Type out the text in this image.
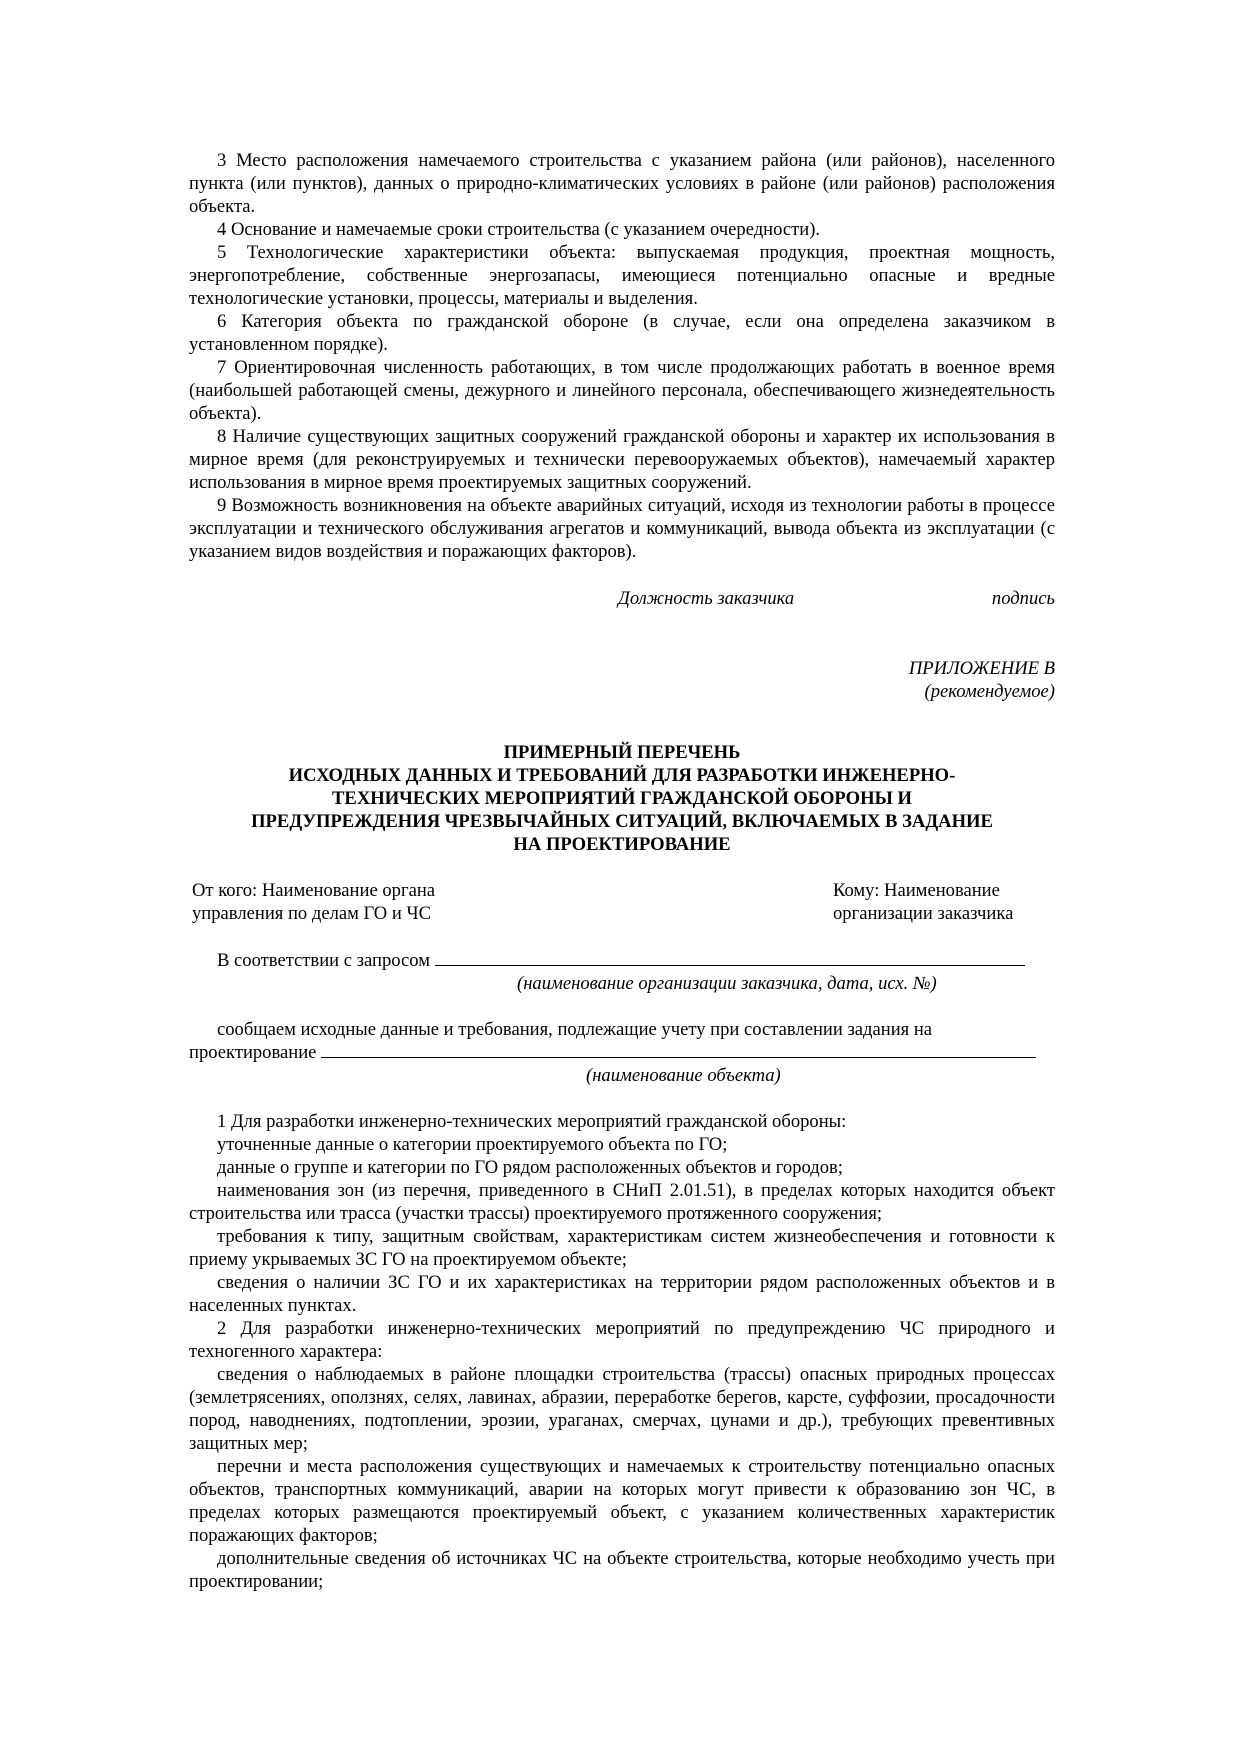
3 Место расположения намечаемого строительства с указанием района (или районов), населенного пункта (или пунктов), данных о природно-климатических условиях в районе (или районов) расположения объекта.

4 Основание и намечаемые сроки строительства (с указанием очередности).

5 Технологические характеристики объекта: выпускаемая продукция, проектная мощность, энергопотребление, собственные энергозапасы, имеющиеся потенциально опасные и вредные технологические установки, процессы, материалы и выделения.

6 Категория объекта по гражданской обороне (в случае, если она определена заказчиком в установленном порядке).

7 Ориентировочная численность работающих, в том числе продолжающих работать в военное время (наибольшей работающей смены, дежурного и линейного персонала, обеспечивающего жизнедеятельность объекта).

8 Наличие существующих защитных сооружений гражданской обороны и характер их использования в мирное время (для реконструируемых и технически перевооружаемых объектов), намечаемый характер использования в мирное время проектируемых защитных сооружений.

9 Возможность возникновения на объекте аварийных ситуаций, исходя из технологии работы в процессе эксплуатации и технического обслуживания агрегатов и коммуникаций, вывода объекта из эксплуатации (с указанием видов воздействия и поражающих факторов).

Должность заказчика	подпись
ПРИЛОЖЕНИЕ В
(рекомендуемое)
ПРИМЕРНЫЙ ПЕРЕЧЕНЬ
ИСХОДНЫХ ДАННЫХ И ТРЕБОВАНИЙ ДЛЯ РАЗРАБОТКИ ИНЖЕНЕРНО-
ТЕХНИЧЕСКИХ МЕРОПРИЯТИЙ ГРАЖДАНСКОЙ ОБОРОНЫ И
ПРЕДУПРЕЖДЕНИЯ ЧРЕЗВЫЧАЙНЫХ СИТУАЦИЙ, ВКЛЮЧАЕМЫХ В ЗАДАНИЕ
НА ПРОЕКТИРОВАНИЕ
От кого: Наименование органа
управления по делам ГО и ЧС
Кому: Наименование
организации заказчика

В соответствии с запросом

(наименование организации заказчика, дата, исх. №)

сообщаем исходные данные и требования, подлежащие учету при составлении задания на

проектирование

(наименование объекта)

1 Для разработки инженерно-технических мероприятий гражданской обороны:

уточненные данные о категории проектируемого объекта по ГО;

данные о группе и категории по ГО рядом расположенных объектов и городов;

наименования зон (из перечня, приведенного в СНиП 2.01.51), в пределах которых находится объект строительства или трасса (участки трассы) проектируемого протяженного сооружения;

требования к типу, защитным свойствам, характеристикам систем жизнеобеспечения и готовности к приему укрываемых ЗС ГО на проектируемом объекте;

сведения о наличии ЗС ГО и их характеристиках на территории рядом расположенных объектов и в населенных пунктах.

2 Для разработки инженерно-технических мероприятий по предупреждению ЧС природного и техногенного характера:

сведения о наблюдаемых в районе площадки строительства (трассы) опасных природных процессах (землетрясениях, оползнях, селях, лавинах, абразии, переработке берегов, карсте, суффозии, просадочности пород, наводнениях, подтоплении, эрозии, ураганах, смерчах, цунами и др.), требующих превентивных защитных мер;

перечни и места расположения существующих и намечаемых к строительству потенциально опасных объектов, транспортных коммуникаций, аварии на которых могут привести к образованию зон ЧС, в пределах которых размещаются проектируемый объект, с указанием количественных характеристик поражающих факторов;

дополнительные сведения об источниках ЧС на объекте строительства, которые необходимо учесть при проектировании;
